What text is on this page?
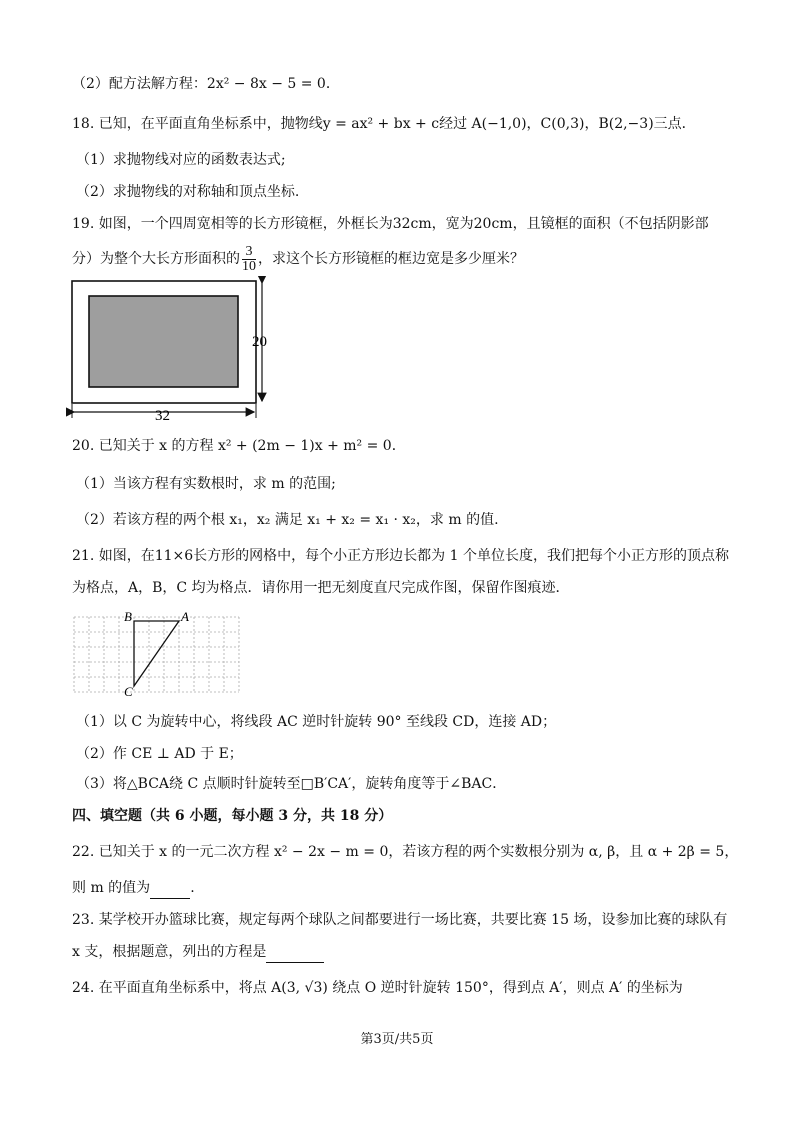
（2）配方法解方程：2x² − 8x − 5 = 0．
18. 已知，在平面直角坐标系中，抛物线y = ax² + bx + c经过 A(−1,0)，C(0,3)，B(2,−3)三点．
（1）求抛物线对应的函数表达式;
（2）求抛物线的对称轴和顶点坐标.
19. 如图，一个四周宽相等的长方形镜框，外框长为32cm，宽为20cm，且镜框的面积（不包括阴影部
分）为整个大长方形面积的 $\frac{3}{10}$ ，求这个长方形镜框的框边宽是多少厘米？
20
32
20. 已知关于 x 的方程 x² + (2m − 1)x + m² = 0．
（1）当该方程有实数根时，求 m 的范围;
（2）若该方程的两个根 x₁，x₂ 满足 x₁ + x₂ = x₁ · x₂，求 m 的值.
21. 如图，在11×6长方形的网格中，每个小正方形边长都为 1 个单位长度，我们把每个小正方形的顶点称
为格点，A，B，C 均为格点．请你用一把无刻度直尺完成作图，保留作图痕迹．
B	A
C
（1）以 C 为旋转中心，将线段 AC 逆时针旋转 90° 至线段 CD，连接 AD；
（2）作 CE ⊥ AD 于 E；
（3）将△BCA绕 C 点顺时针旋转至□B′CA′，旋转角度等于∠BAC．
四、填空题（共 6 小题，每小题 3 分，共 18 分）
22. 已知关于 x 的一元二次方程 x² − 2x − m = 0，若该方程的两个实数根分别为 α, β，且 α + 2β = 5，
则 m 的值为	.
23. 某学校开办篮球比赛，规定每两个球队之间都要进行一场比赛，共要比赛 15 场，设参加比赛的球队有
x 支，根据题意，列出的方程是
24. 在平面直角坐标系中，将点 A(3, √3) 绕点 O 逆时针旋转 150°，得到点 A′，则点 A′ 的坐标为
第3页/共5页
